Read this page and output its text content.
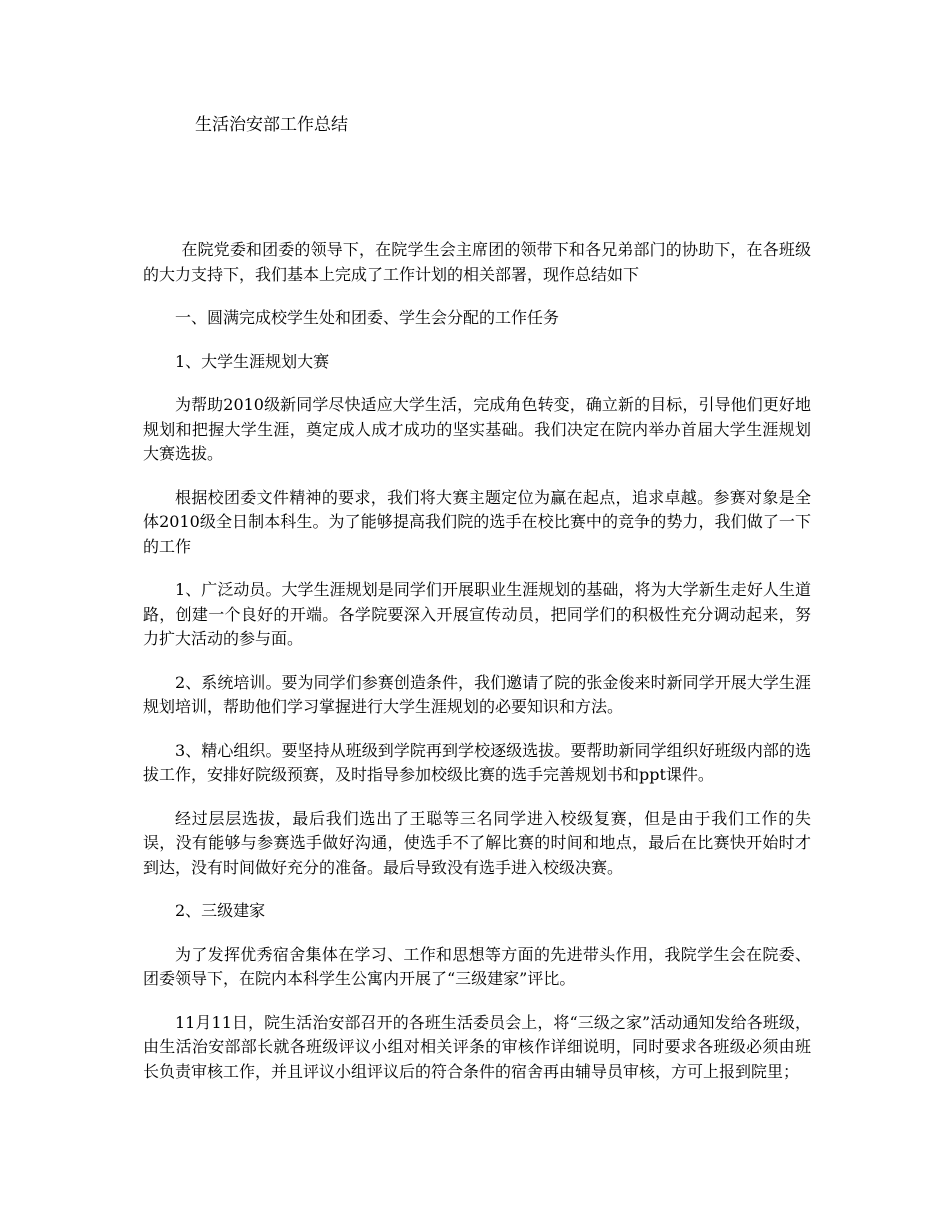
生活治安部工作总结

在院党委和团委的领导下，在院学生会主席团的领带下和各兄弟部门的协助下，在各班级的大力支持下，我们基本上完成了工作计划的相关部署，现作总结如下

一、圆满完成校学生处和团委、学生会分配的工作任务

1、大学生涯规划大赛

为帮助2010级新同学尽快适应大学生活，完成角色转变，确立新的目标，引导他们更好地规划和把握大学生涯，奠定成人成才成功的坚实基础。我们决定在院内举办首届大学生涯规划大赛选拔。

根据校团委文件精神的要求，我们将大赛主题定位为赢在起点，追求卓越。参赛对象是全体2010级全日制本科生。为了能够提高我们院的选手在校比赛中的竞争的势力，我们做了一下的工作

1、广泛动员。大学生涯规划是同学们开展职业生涯规划的基础，将为大学新生走好人生道路，创建一个良好的开端。各学院要深入开展宣传动员，把同学们的积极性充分调动起来，努力扩大活动的参与面。

2、系统培训。要为同学们参赛创造条件，我们邀请了院的张金俊来时新同学开展大学生涯规划培训，帮助他们学习掌握进行大学生涯规划的必要知识和方法。

3、精心组织。要坚持从班级到学院再到学校逐级选拔。要帮助新同学组织好班级内部的选拔工作，安排好院级预赛，及时指导参加校级比赛的选手完善规划书和ppt课件。

经过层层选拔，最后我们选出了王聪等三名同学进入校级复赛，但是由于我们工作的失误，没有能够与参赛选手做好沟通，使选手不了解比赛的时间和地点，最后在比赛快开始时才到达，没有时间做好充分的准备。最后导致没有选手进入校级决赛。

2、三级建家

为了发挥优秀宿舍集体在学习、工作和思想等方面的先进带头作用，我院学生会在院委、团委领导下，在院内本科学生公寓内开展了“三级建家”评比。

11月11日，院生活治安部召开的各班生活委员会上，将“三级之家”活动通知发给各班级，由生活治安部部长就各班级评议小组对相关评条的审核作详细说明，同时要求各班级必须由班长负责审核工作，并且评议小组评议后的符合条件的宿舍再由辅导员审核，方可上报到院里；
